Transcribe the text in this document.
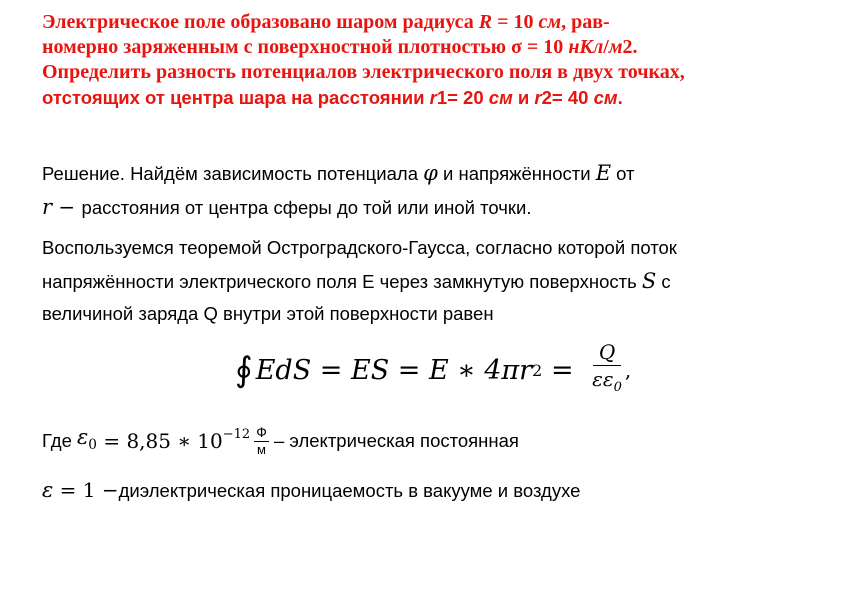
Электрическое поле образовано шаром радиуса R = 10 см, рав-
номерно заряженным с поверхностной плотностью σ = 10 нКл/м2.
Определить разность потенциалов электрического поля в двух точках,
отстоящих от центра шара на расстоянии r1= 20 см и r2= 40 см.
Решение. Найдём зависимость потенциала φ и напряжённости E от
r − расстояния от центра сферы до той или иной точки.
Воспользуемся теоремой Остроградского-Гаусса, согласно которой поток
напряжённости электрического поля E через замкнутую поверхность S с
величиной заряда Q внутри этой поверхности равен
∮ EdS = ES = E ∗ 4πr $2 = \frac{Q}{\varepsilon\varepsilon_0}$ ,
Где $\varepsilon_0 = 8,85$ ∗ $10^{-12} \frac{Ф}{м}$ – электрическая постоянная
ε = 1 −диэлектрическая проницаемость в вакууме и воздухе
